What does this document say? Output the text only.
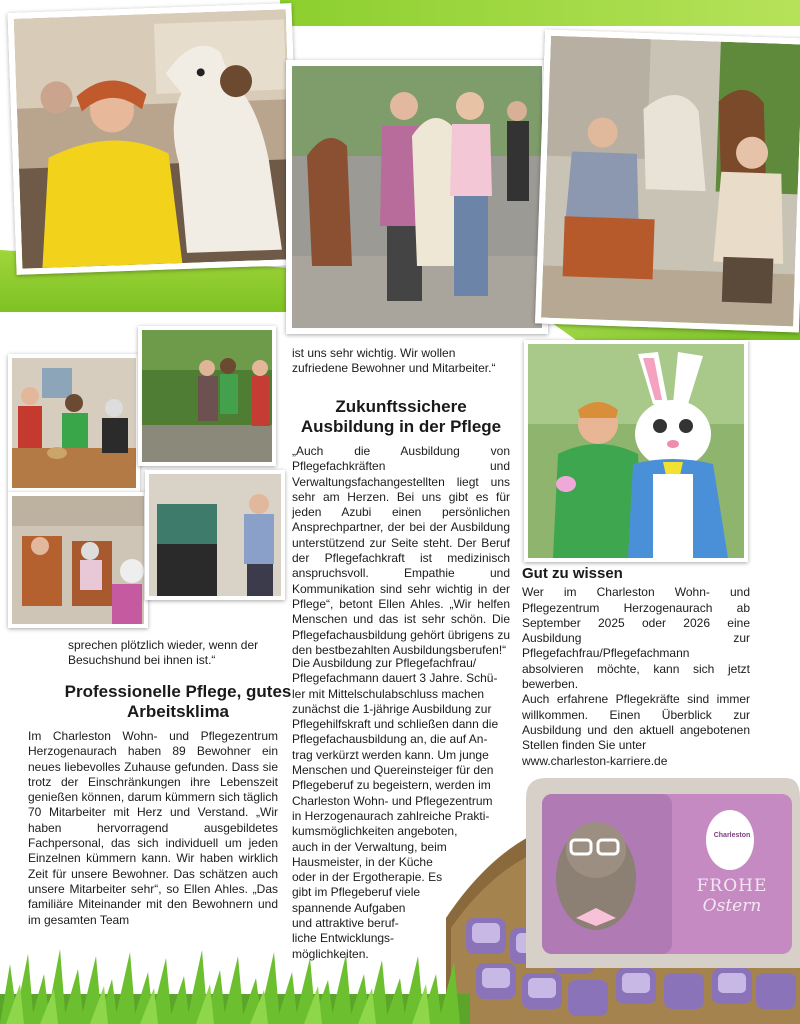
sprechen plötzlich wieder, wenn der Besuchshund bei ihnen ist.“

Professionelle Pflege, gutes Arbeitsklima

Im Charleston Wohn- und Pflegezentrum Herzogenaurach haben 89 Bewohner ein neues liebevolles Zuhause gefunden. Dass sie trotz der Einschränkungen ihre Lebenszeit genießen können, darum kümmern sich täglich 70 Mitarbeiter mit Herz und Verstand. „Wir haben hervorragend ausgebildetes Fachpersonal, das sich individuell um jeden Einzelnen kümmern kann. Wir haben wirklich Zeit für unsere Bewohner. Das schätzen auch unsere Mitarbeiter sehr“, so Ellen Ahles. „Das familiäre Miteinander mit den Bewohnern und im gesamten Team

ist uns sehr wichtig. Wir wollen zufriedene Bewohner und Mitarbeiter.“

Zukunftssichere Ausbildung in der Pflege

„Auch die Ausbildung von Pflegefachkräften und Verwaltungsfachangestellten liegt uns sehr am Herzen. Bei uns gibt es für jeden Azubi einen persönlichen Ansprechpartner, der bei der Ausbildung unterstützend zur Seite steht. Der Beruf der Pflegefachkraft ist medizinisch anspruchsvoll. Empathie und Kommunikation sind sehr wichtig in der Pflege“, betont Ellen Ahles. „Wir helfen Menschen und das ist sehr schön. Die Pflegefachausbildung gehört übrigens zu den bestbezahlten Ausbildungsberufen!“

Die Ausbildung zur Pflegefachfrau/
Pflegefachmann dauert 3 Jahre. Schü-
ler mit Mittelschulabschluss machen
zunächst die 1-jährige Ausbildung zur
Pflegehilfskraft und schließen dann die
Pflegefachausbildung an, die auf An-
trag verkürzt werden kann. Um junge
Menschen und Quereinsteiger für den
Pflegeberuf zu begeistern, werden im
Charleston Wohn- und Pflegezentrum
in Herzogenaurach zahlreiche Prakti-
kumsmöglichkeiten angeboten,
auch in der Verwaltung, beim
Hausmeister, in der Küche
oder in der Ergotherapie. Es
gibt im Pflegeberuf viele
spannende Aufgaben
und attraktive beruf-
liche Entwicklungs-
möglichkeiten.
Gut zu wissen

Wer im Charleston Wohn- und Pflegezentrum Herzogenaurach ab September 2025 oder 2026 eine Ausbildung zur Pflegefachfrau/Pflegefachmann absolvieren möchte, kann sich jetzt bewerben.

Auch erfahrene Pflegekräfte sind immer willkommen. Einen Überblick zur Ausbildung und den aktuell angebotenen Stellen finden Sie unter

www.charleston-karriere.de

Charleston
FROHE
Ostern
